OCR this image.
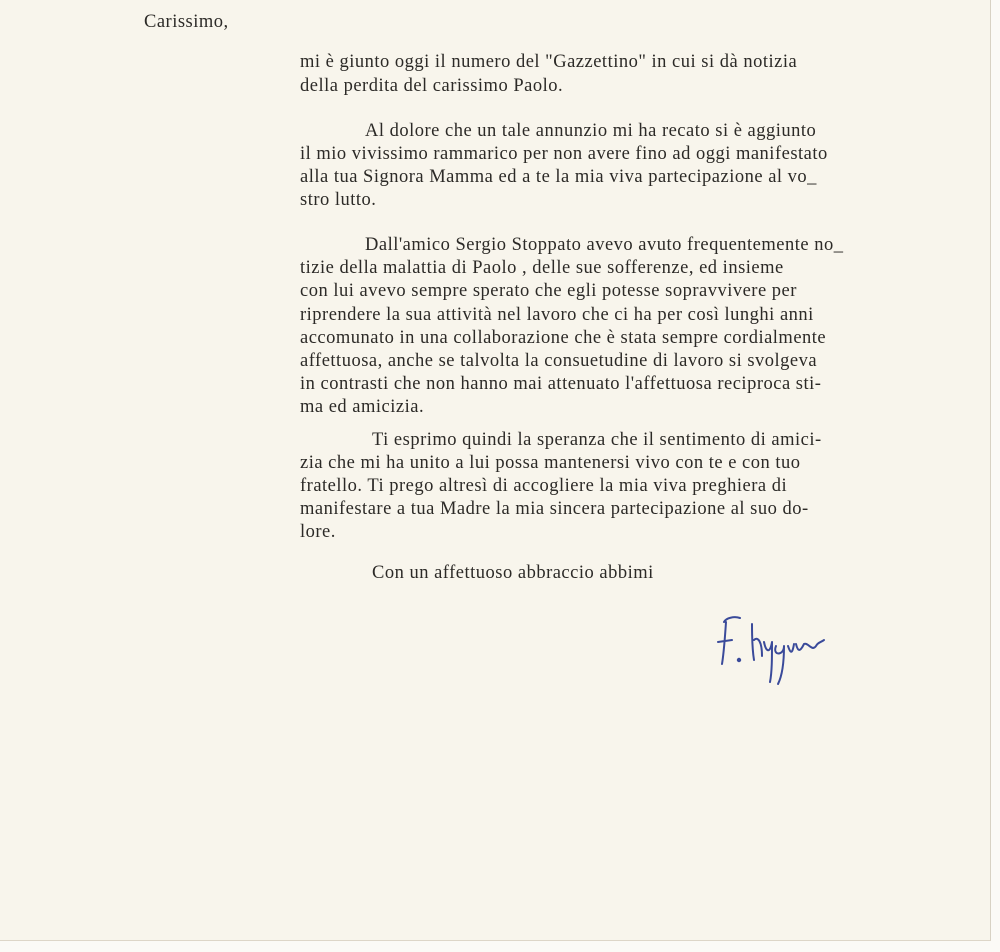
Carissimo,
mi è giunto oggi il numero del "Gazzettino" in cui si dà notizia
della perdita del carissimo Paolo.
Al dolore che un tale annunzio mi ha recato si è aggiunto
il mio vivissimo rammarico per non avere fino ad oggi manifestato
alla tua Signora Mamma ed a te la mia viva partecipazione al vo_
stro lutto.
Dall'amico Sergio Stoppato avevo avuto frequentemente no_
tizie della malattia di Paolo , delle sue sofferenze, ed insieme
con lui avevo sempre sperato che egli potesse sopravvivere per
riprendere la sua attività nel lavoro che ci ha per così lunghi anni
accomunato in una collaborazione che è stata sempre cordialmente
affettuosa, anche se talvolta la consuetudine di lavoro si svolgeva
in contrasti che non hanno mai attenuato l'affettuosa reciproca sti-
ma ed amicizia.
Ti esprimo quindi la speranza che il sentimento di amici-
zia che mi ha unito a lui possa mantenersi vivo con te e con tuo
fratello. Ti prego altresì di accogliere la mia viva preghiera di
manifestare a tua Madre la mia sincera partecipazione al suo do-
lore.
Con un affettuoso abbraccio abbimi
